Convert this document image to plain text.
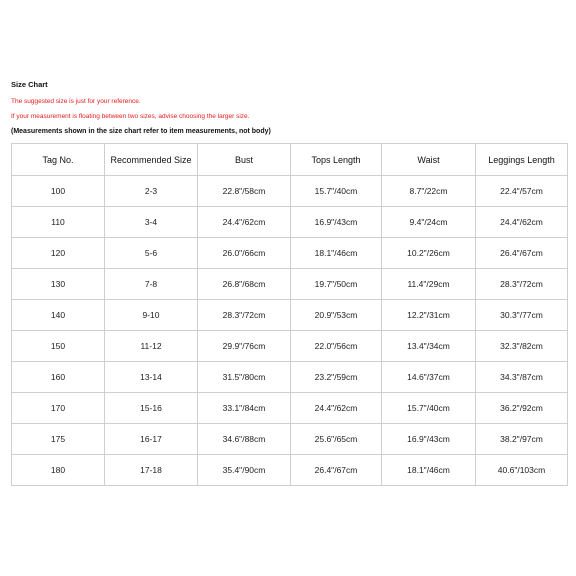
Size Chart
The suggested size is just for your reference.
If your measurement is floating between two sizes, advise choosing the larger size.
(Measurements shown in the size chart refer to item measurements, not body)
Tag No.	Recommended Size	Bust	Tops Length	Waist	Leggings Length
100	2-3	22.8"/58cm	15.7"/40cm	8.7"/22cm	22.4"/57cm
110	3-4	24.4"/62cm	16.9"/43cm	9.4"/24cm	24.4"/62cm
120	5-6	26.0"/66cm	18.1"/46cm	10.2"/26cm	26.4"/67cm
130	7-8	26.8"/68cm	19.7"/50cm	11.4"/29cm	28.3"/72cm
140	9-10	28.3"/72cm	20.9"/53cm	12.2"/31cm	30.3"/77cm
150	11-12	29.9"/76cm	22.0"/56cm	13.4"/34cm	32.3"/82cm
160	13-14	31.5"/80cm	23.2"/59cm	14.6"/37cm	34.3"/87cm
170	15-16	33.1"/84cm	24.4"/62cm	15.7"/40cm	36.2"/92cm
175	16-17	34.6"/88cm	25.6"/65cm	16.9"/43cm	38.2"/97cm
180	17-18	35.4"/90cm	26.4"/67cm	18.1"/46cm	40.6"/103cm
